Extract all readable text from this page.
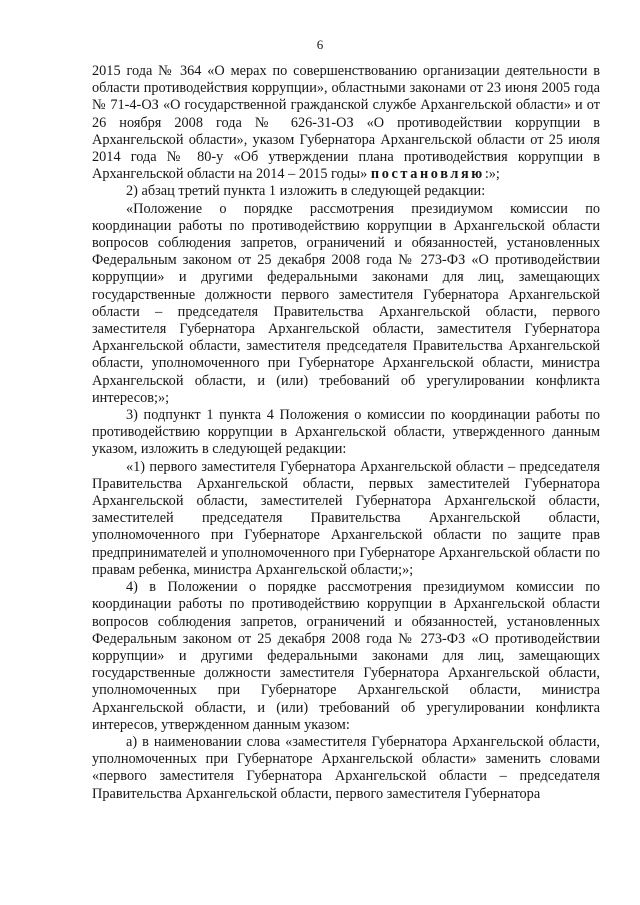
6

2015 года № 364 «О мерах по совершенствованию организации деятельности в области противодействия коррупции», областными законами от 23 июня 2005 года № 71-4-ОЗ «О государственной гражданской службе Архангельской области» и от 26 ноября 2008 года № 626-31-ОЗ «О противодействии коррупции в Архангельской области», указом Губернатора Архангельской области от 25 июля 2014 года № 80-у «Об утверждении плана противодействия коррупции в Архангельской области на 2014 – 2015 годы» постановляю:»;

2) абзац третий пункта 1 изложить в следующей редакции:

«Положение о порядке рассмотрения президиумом комиссии по координации работы по противодействию коррупции в Архангельской области вопросов соблюдения запретов, ограничений и обязанностей, установленных Федеральным законом от 25 декабря 2008 года № 273-ФЗ «О противодействии коррупции» и другими федеральными законами для лиц, замещающих государственные должности первого заместителя Губернатора Архангельской области – председателя Правительства Архангельской области, первого заместителя Губернатора Архангельской области, заместителя Губернатора Архангельской области, заместителя председателя Правительства Архангельской области, уполномоченного при Губернаторе Архангельской области, министра Архангельской области, и (или) требований об урегулировании конфликта интересов;»;

3) подпункт 1 пункта 4 Положения о комиссии по координации работы по противодействию коррупции в Архангельской области, утвержденного данным указом, изложить в следующей редакции:

«1) первого заместителя Губернатора Архангельской области – председателя Правительства Архангельской области, первых заместителей Губернатора Архангельской области, заместителей Губернатора Архангельской области, заместителей председателя Правительства Архангельской области, уполномоченного при Губернаторе Архангельской области по защите прав предпринимателей и уполномоченного при Губернаторе Архангельской области по правам ребенка, министра Архангельской области;»;

4) в Положении о порядке рассмотрения президиумом комиссии по координации работы по противодействию коррупции в Архангельской области вопросов соблюдения запретов, ограничений и обязанностей, установленных Федеральным законом от 25 декабря 2008 года № 273-ФЗ «О противодействии коррупции» и другими федеральными законами для лиц, замещающих государственные должности заместителя Губернатора Архангельской области, уполномоченных при Губернаторе Архангельской области, министра Архангельской области, и (или) требований об урегулировании конфликта интересов, утвержденном данным указом:

а) в наименовании слова «заместителя Губернатора Архангельской области, уполномоченных при Губернаторе Архангельской области» заменить словами «первого заместителя Губернатора Архангельской области – председателя Правительства Архангельской области, первого заместителя Губернатора
